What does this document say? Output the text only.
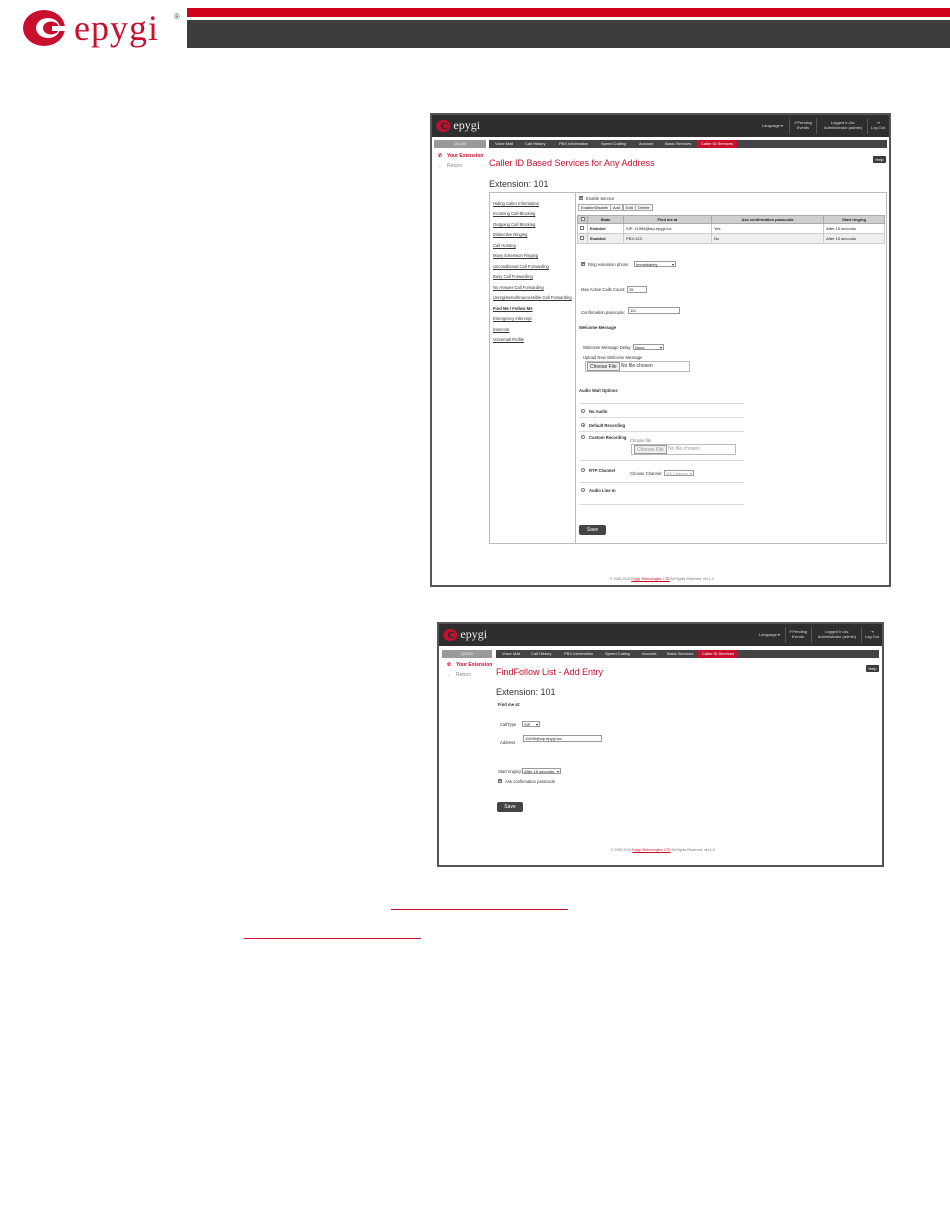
epygi ®
epygi	Language ▾
✔Pending
Events
Logged In As:
Administrator (admin)
⇥
Log Out
QX200	Voice Mail	Call History	PBX Information	Speed Calling	Account	Basic Services	Caller ID Services
✆ Your Extension
← Return
Help
Caller ID Based Services for Any Address
Extension: 101
Hiding Caller Information
Incoming Call Blocking
Outgoing Call Blocking
Distinctive Ringing
Call Hunting
Many Extension Ringing
Unconditional Call Forwarding
Busy Call Forwarding
No Answer Call Forwarding
Unregistered/Inaccessible Call Forwarding
Find Me / Follow Me
Emergency Intercept
Intercom
Voicemail Profile
✔
Enable Service
Enable/Disable	Add	Edit	Delete
	State	Find me at	Ask confirmation passcode	Start ringing
	Enabled	SIP: 11998@sip.epygi.loc	Yes	After 15 seconds
	Enabled	PBX:123	No	After 15 seconds
✔
Ring extension phone	Immediately ▾
Max Active Calls Count: 35
Confirmation passcode:	111
Welcome Message
Welcome Message Delay: None ▾
Upload New Welcome Message
Choose File No file chosen
Audio Wait Options
No Audio
Default Recording
Custom Recording
Choose file
Choose File No file chosen
RTP Channel
Choose Channel: QS Channel ▾
Audio Line In
Save
© 2000-2016 Epygi Technologies, LTD All Rights Reserved. ver.1.0
epygi	Language ▾
✔Pending
Events
Logged In As:
Administrator (admin)
⇥
Log Out
QX200	Voice Mail	Call History	PBX Information	Speed Calling	Account	Basic Services	Caller ID Services
✆ Your Extension
← Return
Help
FindFollow List - Add Entry
Extension: 101
Find me at:
CallType	SIP ▾
Address
11998@sip.epygi.loc
Start ringing: After 15 seconds ▾
✔
Ask confirmation passcode
Save
© 2000-2016 Epygi Technologies, LTD All Rights Reserved. ver.1.0
